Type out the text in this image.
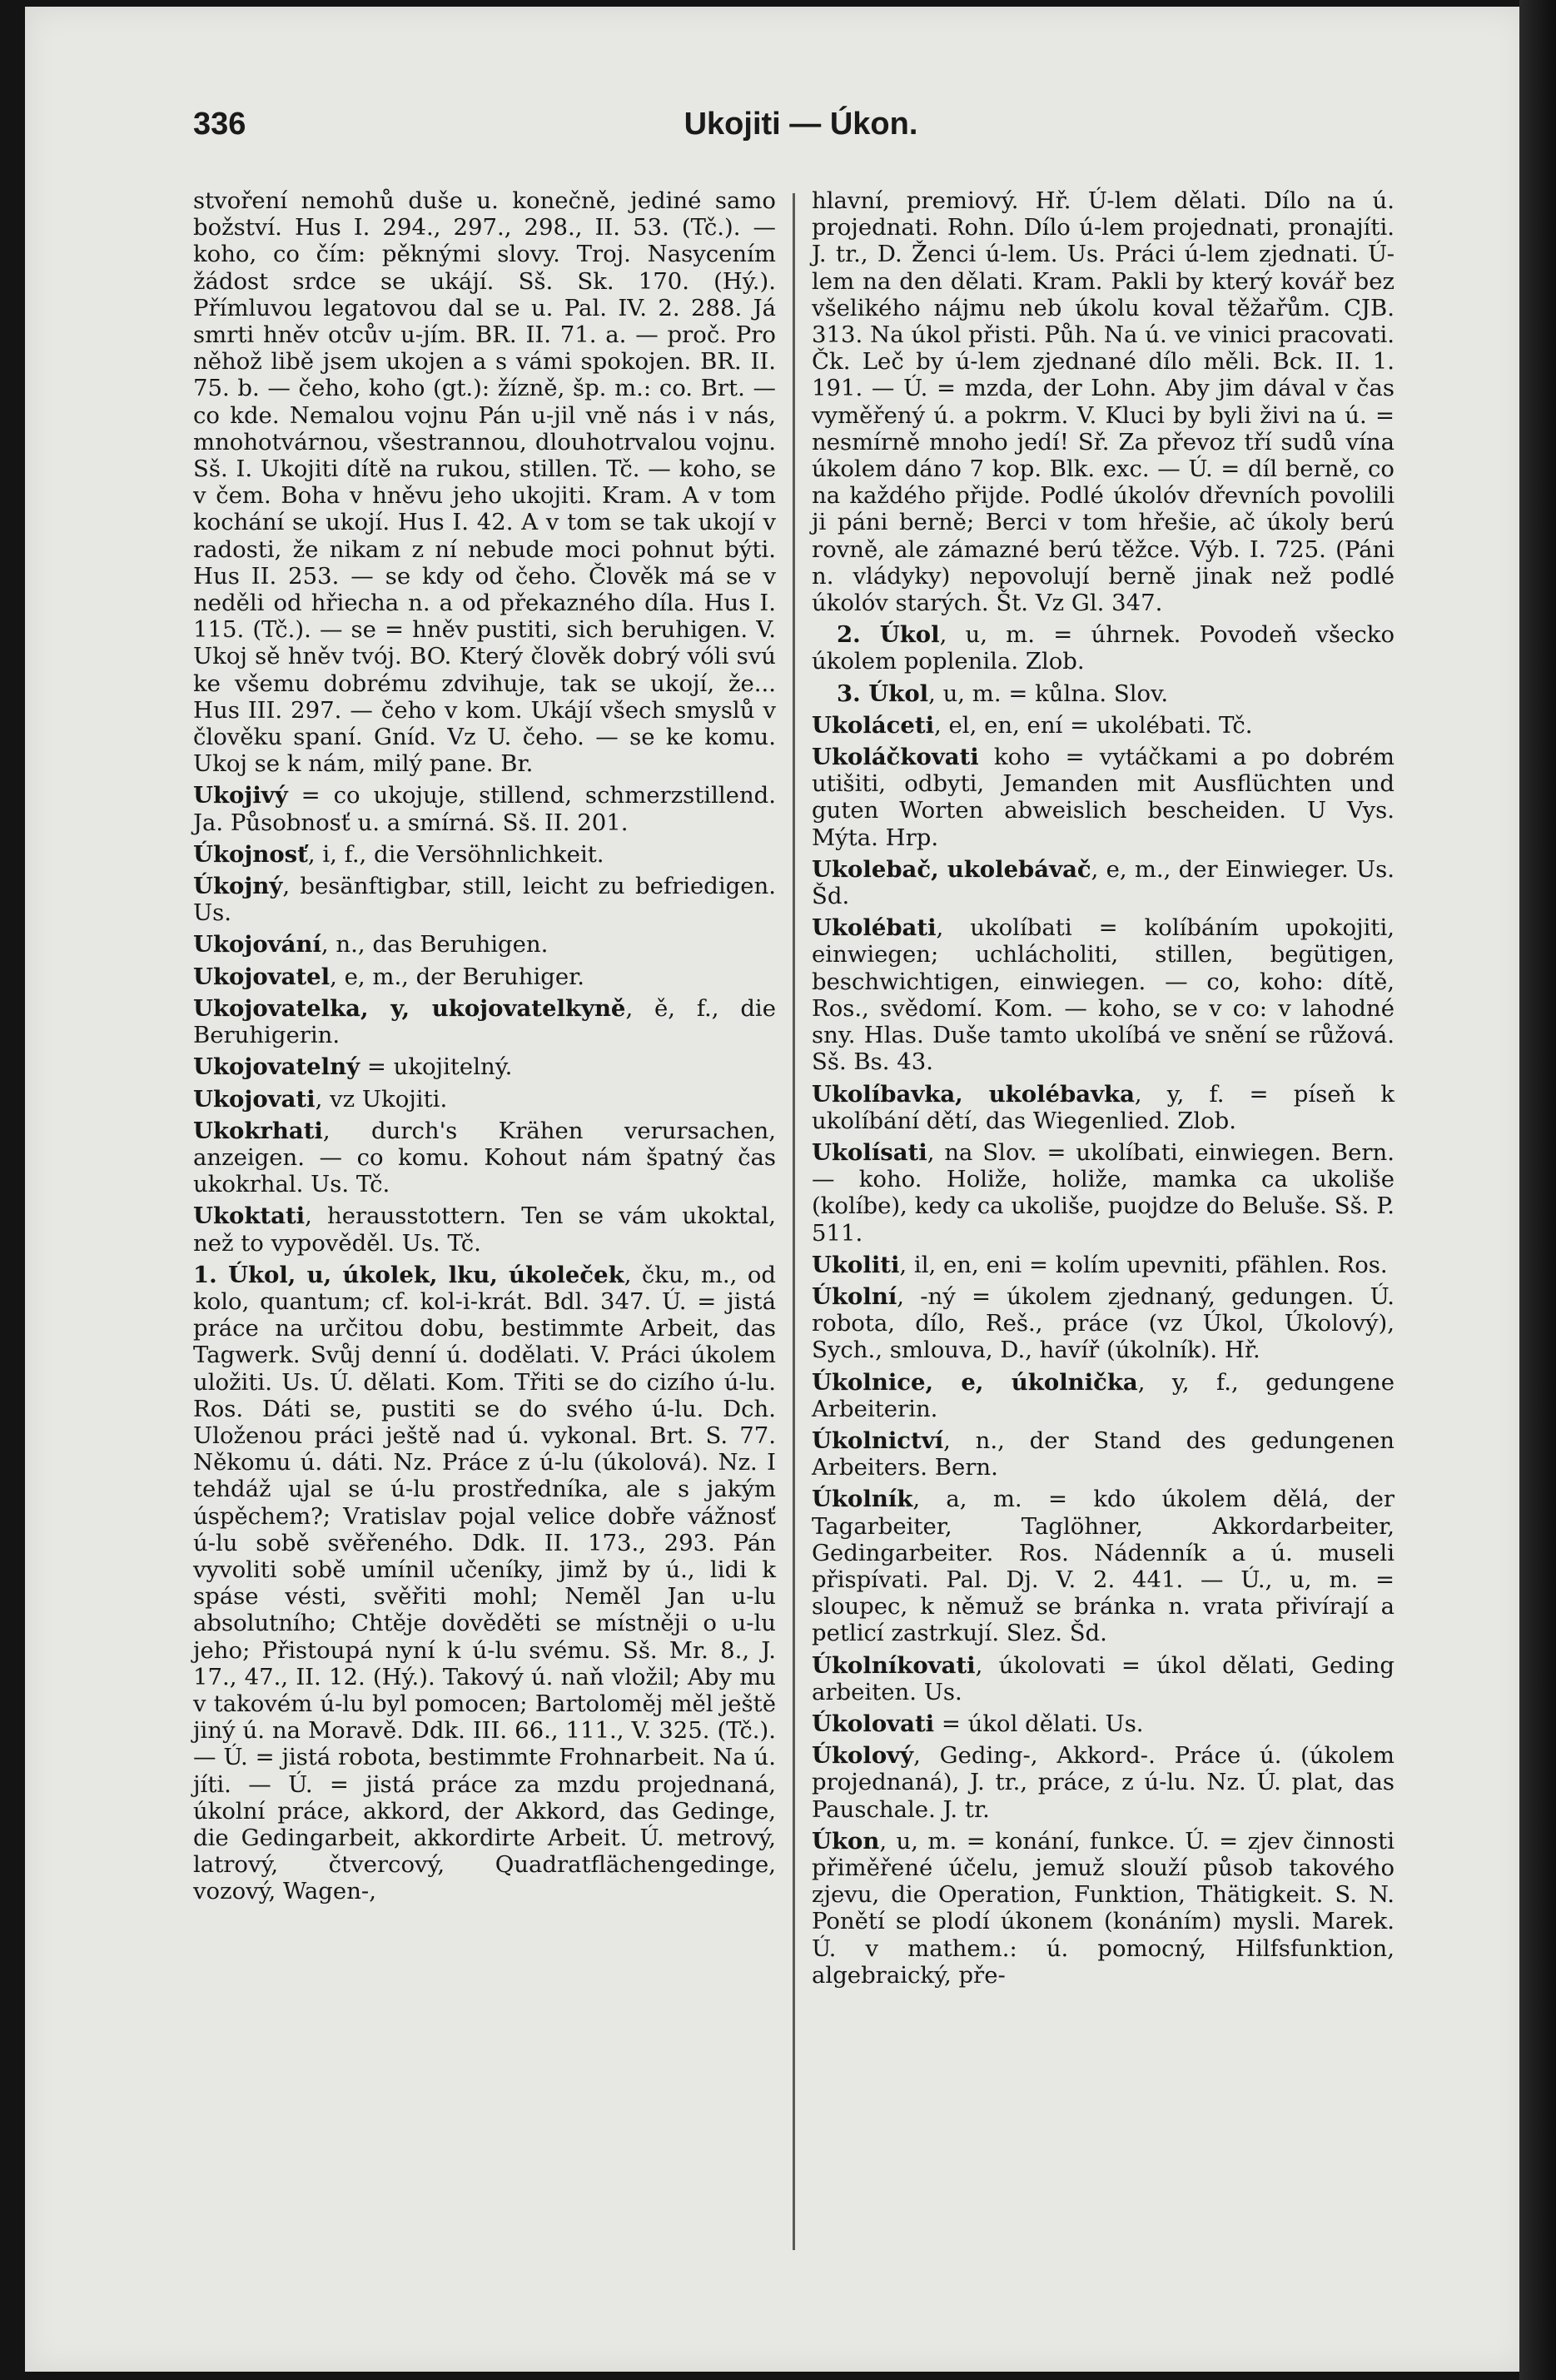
336	Ukojiti — Úkon.

stvoření nemohů duše u. konečně, jediné samo božství. Hus I. 294., 297., 298., II. 53. (Tč.). — koho, co čím: pěknými slovy. Troj. Nasycením žádost srdce se ukájí. Sš. Sk. 170. (Hý.). Přímluvou legatovou dal se u. Pal. IV. 2. 288. Já smrti hněv otcův u-jím. BR. II. 71. a. — proč. Pro něhož libě jsem ukojen a s vámi spokojen. BR. II. 75. b. — čeho, koho (gt.): žízně, šp. m.: co. Brt. — co kde. Nemalou vojnu Pán u-jil vně nás i v nás, mnohotvárnou, všestrannou, dlouhotrvalou vojnu. Sš. I. Ukojiti dítě na rukou, stillen. Tč. — koho, se v čem. Boha v hněvu jeho ukojiti. Kram. A v tom kochání se ukojí. Hus I. 42. A v tom se tak ukojí v radosti, že nikam z ní nebude moci pohnut býti. Hus II. 253. — se kdy od čeho. Člověk má se v neděli od hřiecha n. a od překazného díla. Hus I. 115. (Tč.). — se = hněv pustiti, sich beruhigen. V. Ukoj sě hněv tvój. BO. Který člověk dobrý vóli svú ke všemu dobrému zdvihuje, tak se ukojí, že... Hus III. 297. — čeho v kom. Ukájí všech smyslů v člověku spaní. Gníd. Vz U. čeho. — se ke komu. Ukoj se k nám, milý pane. Br.

Ukojivý = co ukojuje, stillend, schmerzstillend. Ja. Působnosť u. a smírná. Sš. II. 201.

Úkojnosť, i, f., die Versöhnlichkeit.

Úkojný, besänftigbar, still, leicht zu befriedigen. Us.

Ukojování, n., das Beruhigen.

Ukojovatel, e, m., der Beruhiger.

Ukojovatelka, y, ukojovatelkyně, ě, f., die Beruhigerin.

Ukojovatelný = ukojitelný.

Ukojovati, vz Ukojiti.

Ukokrhati, durch's Krähen verursachen, anzeigen. — co komu. Kohout nám špatný čas ukokrhal. Us. Tč.

Ukoktati, herausstottern. Ten se vám ukoktal, než to vypověděl. Us. Tč.

1. Úkol, u, úkolek, lku, úkoleček, čku, m., od kolo, quantum; cf. kol-i-krát. Bdl. 347. Ú. = jistá práce na určitou dobu, bestimmte Arbeit, das Tagwerk. Svůj denní ú. dodělati. V. Práci úkolem uložiti. Us. Ú. dělati. Kom. Třiti se do cizího ú-lu. Ros. Dáti se, pustiti se do svého ú-lu. Dch. Uloženou práci ještě nad ú. vykonal. Brt. S. 77. Někomu ú. dáti. Nz. Práce z ú-lu (úkolová). Nz. I tehdáž ujal se ú-lu prostředníka, ale s jakým úspěchem?; Vratislav pojal velice dobře vážnosť ú-lu sobě svěřeného. Ddk. II. 173., 293. Pán vyvoliti sobě umínil učeníky, jimž by ú., lidi k spáse vésti, svěřiti mohl; Neměl Jan u-lu absolutního; Chtěje dověděti se místněji o u-lu jeho; Přistoupá nyní k ú-lu svému. Sš. Mr. 8., J. 17., 47., II. 12. (Hý.). Takový ú. naň vložil; Aby mu v takovém ú-lu byl pomocen; Bartoloměj měl ještě jiný ú. na Moravě. Ddk. III. 66., 111., V. 325. (Tč.). — Ú. = jistá robota, bestimmte Frohnarbeit. Na ú. jíti. — Ú. = jistá práce za mzdu projednaná, úkolní práce, akkord, der Akkord, das Gedinge, die Gedingarbeit, akkordirte Arbeit. Ú. metrový, latrový, čtvercový, Quadratflächengedinge, vozový, Wagen-,

hlavní, premiový. Hř. Ú-lem dělati. Dílo na ú. projednati. Rohn. Dílo ú-lem projednati, pronajíti. J. tr., D. Ženci ú-lem. Us. Práci ú-lem zjednati. Ú-lem na den dělati. Kram. Pakli by který kovář bez všelikého nájmu neb úkolu koval těžařům. CJB. 313. Na úkol přisti. Půh. Na ú. ve vinici pracovati. Čk. Leč by ú-lem zjednané dílo měli. Bck. II. 1. 191. — Ú. = mzda, der Lohn. Aby jim dával v čas vyměřený ú. a pokrm. V. Kluci by byli živi na ú. = nesmírně mnoho jedí! Sř. Za převoz tří sudů vína úkolem dáno 7 kop. Blk. exc. — Ú. = díl berně, co na každého přijde. Podlé úkolóv dřevních povolili ji páni berně; Berci v tom hřešie, ač úkoly berú rovně, ale zámazné berú těžce. Výb. I. 725. (Páni n. vládyky) nepovolují berně jinak než podlé úkolóv starých. Št. Vz Gl. 347.

2. Úkol, u, m. = úhrnek. Povodeň všecko úkolem poplenila. Zlob.

3. Úkol, u, m. = kůlna. Slov.

Ukoláceti, el, en, ení = ukolébati. Tč.

Ukoláčkovati koho = vytáčkami a po dobrém utišiti, odbyti, Jemanden mit Ausflüchten und guten Worten abweislich bescheiden. U Vys. Mýta. Hrp.

Ukolebač, ukolebávač, e, m., der Einwieger. Us. Šd.

Ukolébati, ukolíbati = kolíbáním upokojiti, einwiegen; uchlácholiti, stillen, begütigen, beschwichtigen, einwiegen. — co, koho: dítě, Ros., svědomí. Kom. — koho, se v co: v lahodné sny. Hlas. Duše tamto ukolíbá ve snění se růžová. Sš. Bs. 43.

Ukolíbavka, ukolébavka, y, f. = píseň k ukolíbání dětí, das Wiegenlied. Zlob.

Ukolísati, na Slov. = ukolíbati, einwiegen. Bern. — koho. Holiže, holiže, mamka ca ukoliše (kolíbe), kedy ca ukoliše, puojdze do Beluše. Sš. P. 511.

Ukoliti, il, en, eni = kolím upevniti, pfählen. Ros.

Úkolní, -ný = úkolem zjednaný, gedungen. Ú. robota, dílo, Reš., práce (vz Úkol, Úkolový), Sych., smlouva, D., havíř (úkolník). Hř.

Úkolnice, e, úkolnička, y, f., gedungene Arbeiterin.

Úkolnictví, n., der Stand des gedungenen Arbeiters. Bern.

Úkolník, a, m. = kdo úkolem dělá, der Tagarbeiter, Taglöhner, Akkordarbeiter, Gedingarbeiter. Ros. Nádenník a ú. museli přispívati. Pal. Dj. V. 2. 441. — Ú., u, m. = sloupec, k němuž se bránka n. vrata přivírají a petlicí zastrkují. Slez. Šd.

Úkolníkovati, úkolovati = úkol dělati, Geding arbeiten. Us.

Úkolovati = úkol dělati. Us.

Úkolový, Geding-, Akkord-. Práce ú. (úkolem projednaná), J. tr., práce, z ú-lu. Nz. Ú. plat, das Pauschale. J. tr.

Úkon, u, m. = konání, funkce. Ú. = zjev činnosti přiměřené účelu, jemuž slouží působ takového zjevu, die Operation, Funktion, Thätigkeit. S. N. Ponětí se plodí úkonem (konáním) mysli. Marek. Ú. v mathem.: ú. pomocný, Hilfsfunktion, algebraický, pře-
